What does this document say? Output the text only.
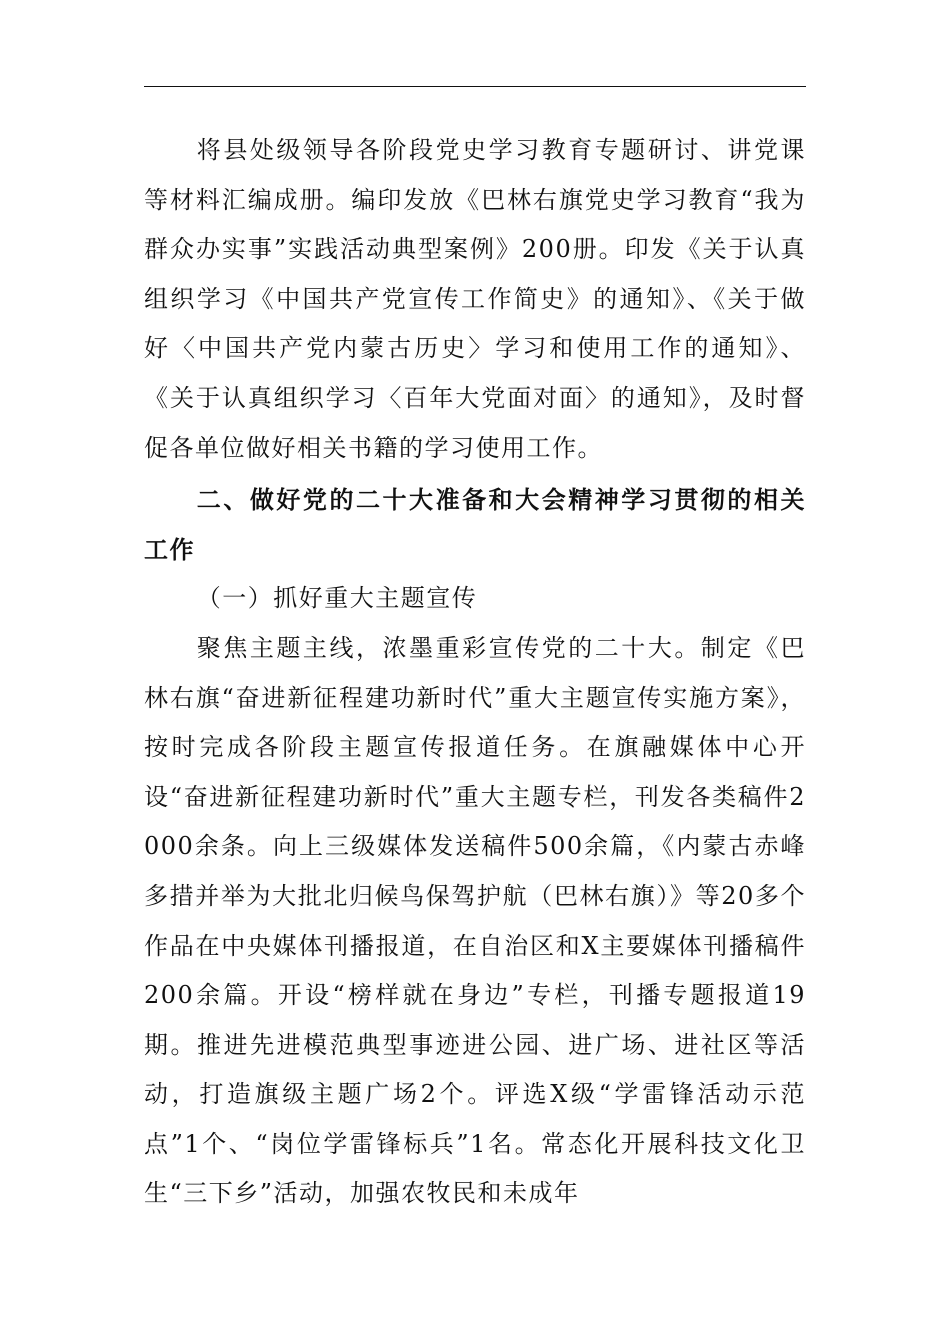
将县处级领导各阶段党史学习教育专题研讨、讲党课等材料汇编成册。编印发放《巴林右旗党史学习教育“我为群众办实事”实践活动典型案例》200册。印发《关于认真组织学习《中国共产党宣传工作简史》的通知》、《关于做好〈中国共产党内蒙古历史〉学习和使用工作的通知》、《关于认真组织学习〈百年大党面对面〉的通知》，及时督促各单位做好相关书籍的学习使用工作。

二、做好党的二十大准备和大会精神学习贯彻的相关工作

（一）抓好重大主题宣传

聚焦主题主线，浓墨重彩宣传党的二十大。制定《巴林右旗“奋进新征程建功新时代”重大主题宣传实施方案》，按时完成各阶段主题宣传报道任务。在旗融媒体中心开设“奋进新征程建功新时代”重大主题专栏，刊发各类稿件2000余条。向上三级媒体发送稿件500余篇，《内蒙古赤峰多措并举为大批北归候鸟保驾护航（巴林右旗）》等20多个作品在中央媒体刊播报道，在自治区和X主要媒体刊播稿件200余篇。开设“榜样就在身边”专栏，刊播专题报道19期。推进先进模范典型事迹进公园、进广场、进社区等活动，打造旗级主题广场2个。评选X级“学雷锋活动示范点”1个、“岗位学雷锋标兵”1名。常态化开展科技文化卫生“三下乡”活动，加强农牧民和未成年
